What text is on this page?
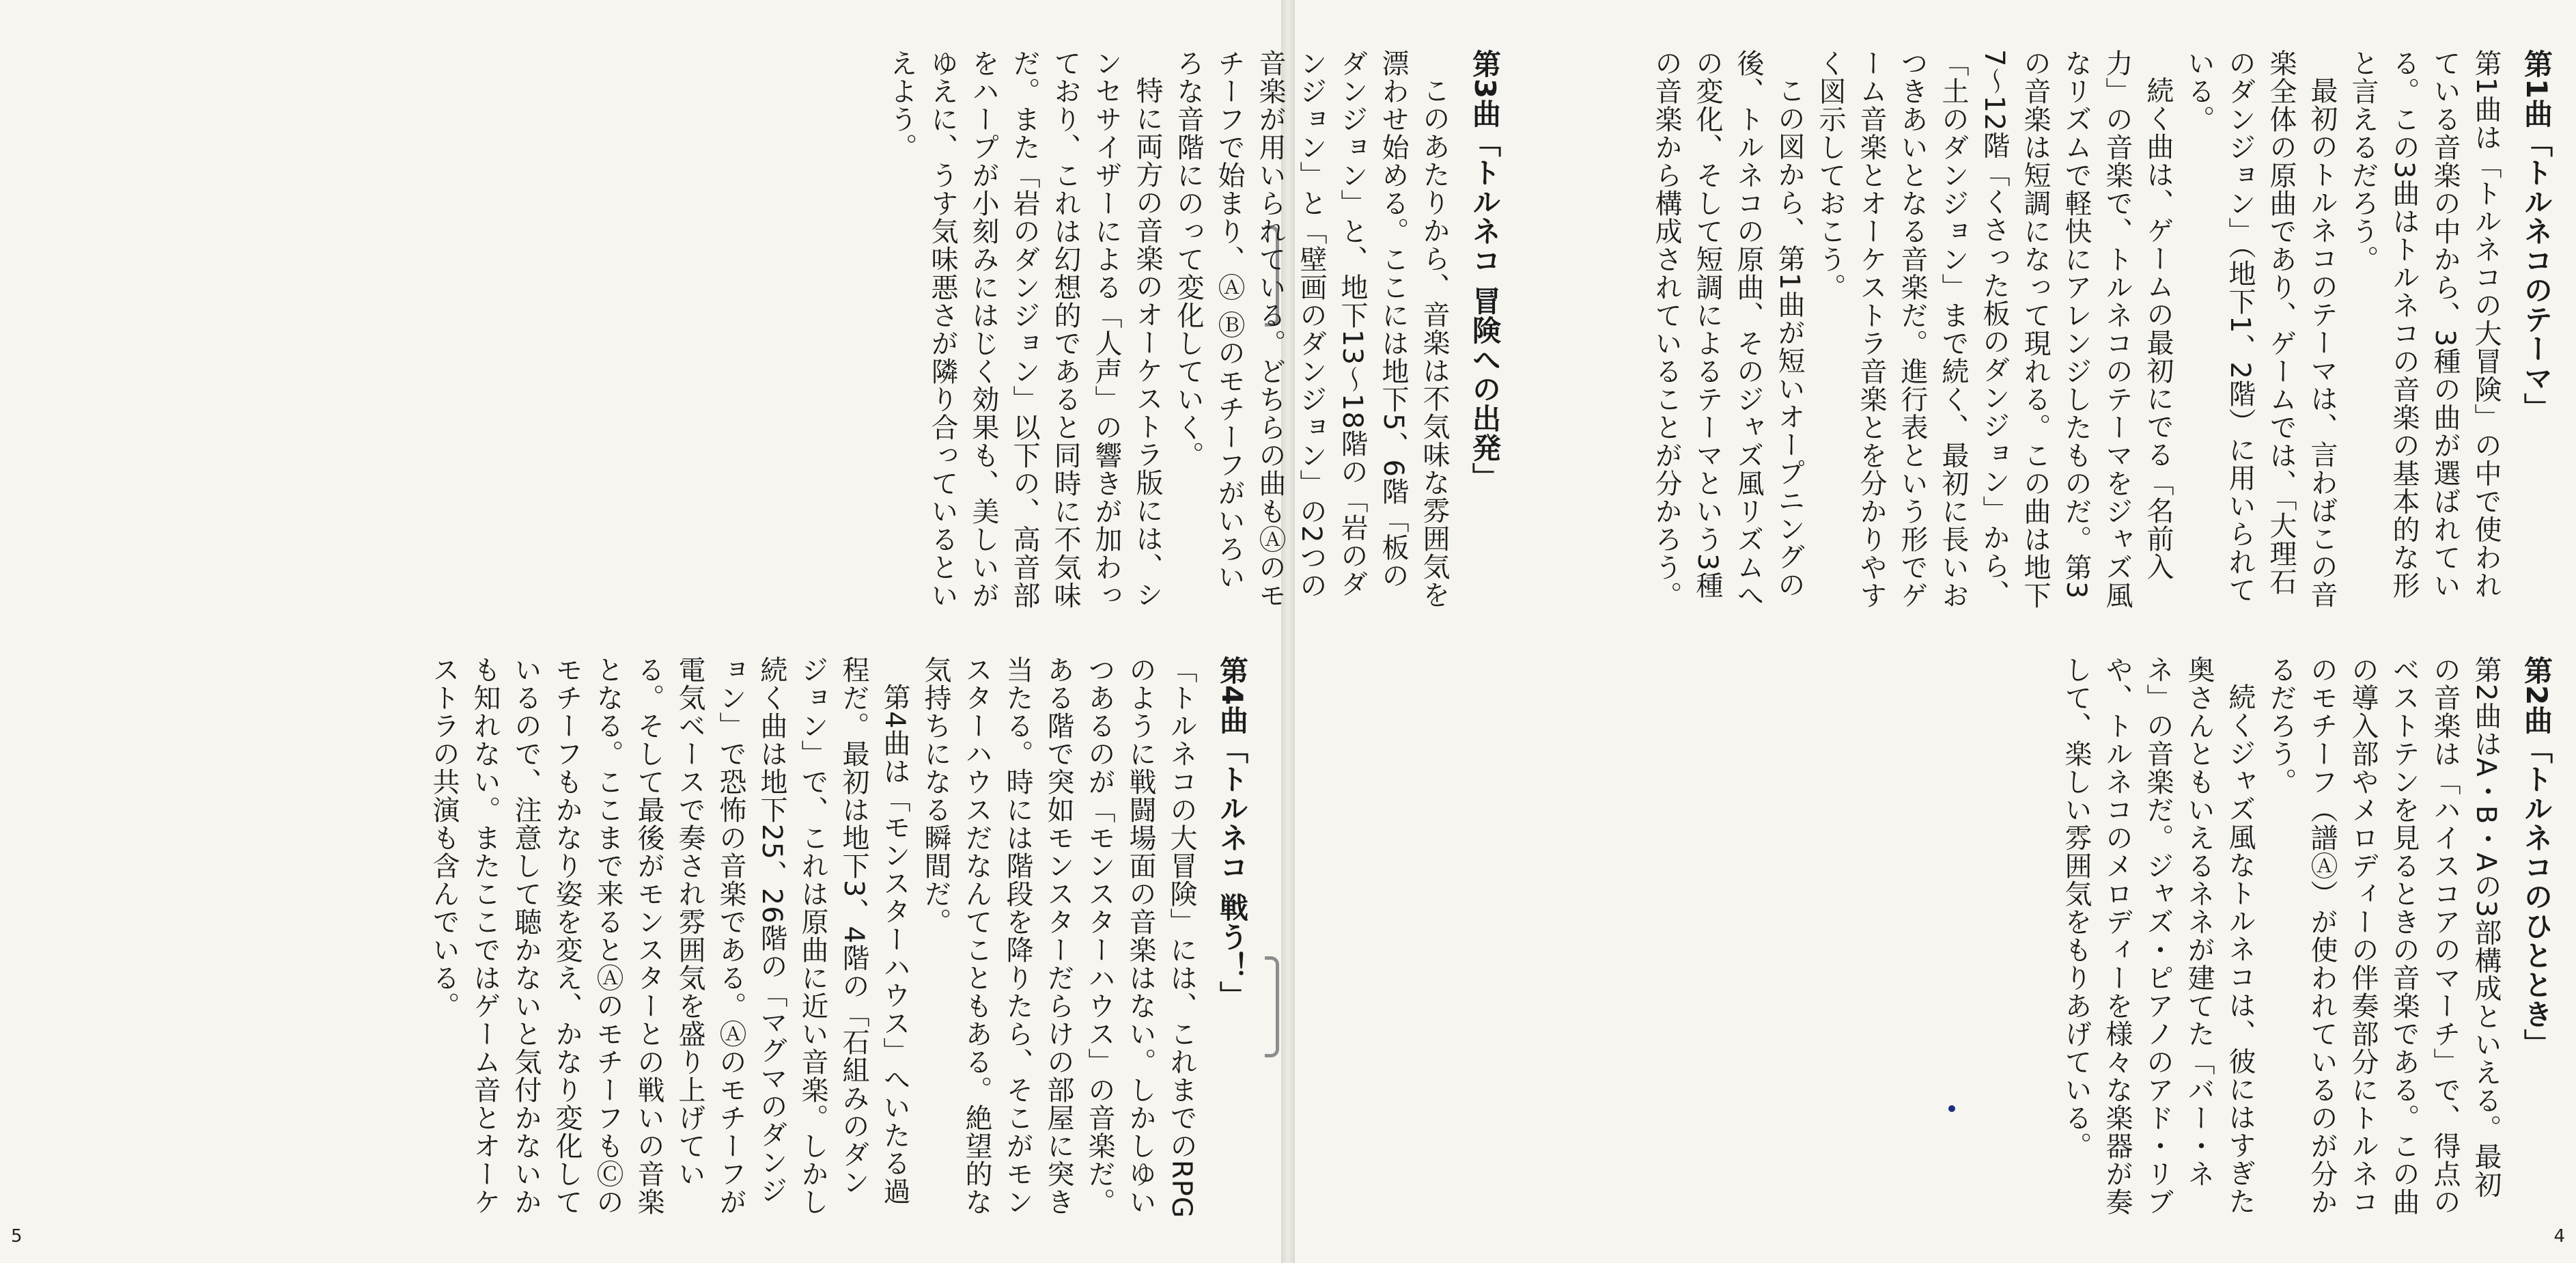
第1曲「トルネコのテーマ」

第1曲は「トルネコの大冒険」の中で使われている音楽の中から、3種の曲が選ばれている。この3曲はトルネコの音楽の基本的な形と言えるだろう。

最初のトルネコのテーマは、言わばこの音楽全体の原曲であり、ゲームでは、「大理石のダンジョン」（地下1、2階）に用いられている。

続く曲は、ゲームの最初にでる「名前入力」の音楽で、トルネコのテーマをジャズ風なリズムで軽快にアレンジしたものだ。第3の音楽は短調になって現れる。この曲は地下7〜12階「くさった板のダンジョン」から、「土のダンジョン」まで続く、最初に長いおつきあいとなる音楽だ。進行表という形でゲーム音楽とオーケストラ音楽とを分かりやすく図示しておこう。

この図から、第1曲が短いオープニングの後、トルネコの原曲、そのジャズ風リズムへの変化、そして短調によるテーマという3種の音楽から構成されていることが分かろう。

第2曲「トルネコのひととき」

第2曲はA・B・Aの3部構成といえる。最初の音楽は「ハイスコアのマーチ」で、得点のベストテンを見るときの音楽である。この曲の導入部やメロディーの伴奏部分にトルネコのモチーフ（譜Ⓐ）が使われているのが分かるだろう。

続くジャズ風なトルネコは、彼にはすぎた奥さんともいえるネネが建てた「バー・ネネ」の音楽だ。ジャズ・ピアノのアド・リブや、トルネコのメロディーを様々な楽器が奏して、楽しい雰囲気をもりあげている。

第3曲「トルネコ 冒険への出発」

このあたりから、音楽は不気味な雰囲気を漂わせ始める。ここには地下5、6階「板のダンジョン」と、地下13〜18階の「岩のダンジョン」と「壁画のダンジョン」の2つの音楽が用いられている。どちらの曲もⒶのモチーフで始まり、Ⓐ Ⓑのモチーフがいろいろな音階にのって変化していく。

特に両方の音楽のオーケストラ版には、シンセサイザーによる「人声」の響きが加わっており、これは幻想的であると同時に不気味だ。また「岩のダンジョン」以下の、高音部をハープが小刻みにはじく効果も、美しいがゆえに、うす気味悪さが隣り合っているといえよう。

第4曲「トルネコ 戦う！」

「トルネコの大冒険」には、これまでのRPGのように戦闘場面の音楽はない。しかしゆいつあるのが「モンスターハウス」の音楽だ。ある階で突如モンスターだらけの部屋に突き当たる。時には階段を降りたら、そこがモンスターハウスだなんてこともある。絶望的な気持ちになる瞬間だ。

第4曲は「モンスターハウス」へいたる過程だ。最初は地下3、4階の「石組みのダンジョン」で、これは原曲に近い音楽。しかし続く曲は地下25、26階の「マグマのダンジョン」で恐怖の音楽である。Ⓐのモチーフが電気ベースで奏され雰囲気を盛り上げている。そして最後がモンスターとの戦いの音楽となる。ここまで来るとⒶのモチーフもⒸのモチーフもかなり姿を変え、かなり変化しているので、注意して聴かないと気付かないかも知れない。またここではゲーム音とオーケストラの共演も含んでいる。

5	4
